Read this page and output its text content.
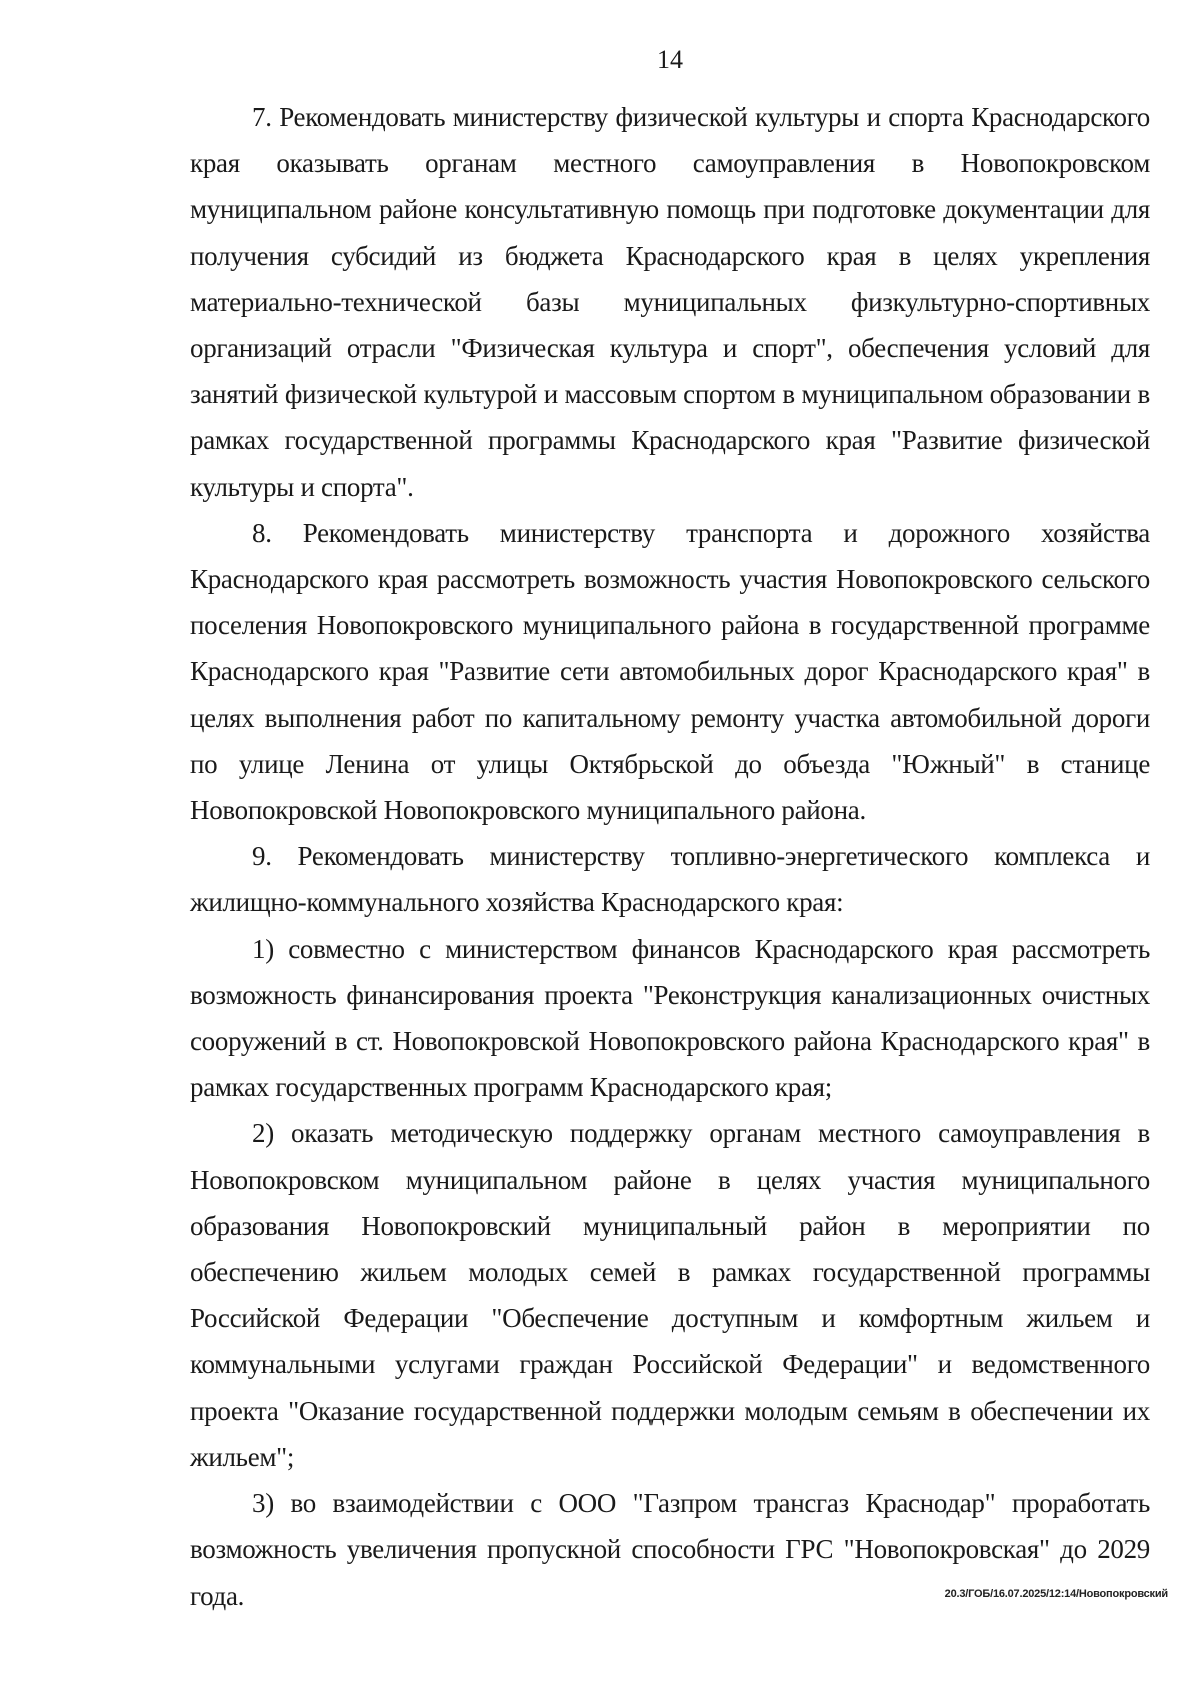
14

7. Рекомендовать министерству физической культуры и спорта Краснодарского края оказывать органам местного самоуправления в Новопокровском муниципальном районе консультативную помощь при подготовке документации для получения субсидий из бюджета Краснодарского края в целях укрепления материально-технической базы муниципальных физкультурно-спортивных организаций отрасли "Физическая культура и спорт", обеспечения условий для занятий физической культурой и массовым спортом в муниципальном образовании в рамках государственной программы Краснодарского края "Развитие физической культуры и спорта".

8. Рекомендовать министерству транспорта и дорожного хозяйства Краснодарского края рассмотреть возможность участия Новопокровского сельского поселения Новопокровского муниципального района в государственной программе Краснодарского края "Развитие сети автомобильных дорог Краснодарского края" в целях выполнения работ по капитальному ремонту участка автомобильной дороги по улице Ленина от улицы Октябрьской до объезда "Южный" в станице Новопокровской Новопокровского муниципального района.

9. Рекомендовать министерству топливно-энергетического комплекса и жилищно-коммунального хозяйства Краснодарского края:

1) совместно с министерством финансов Краснодарского края рассмотреть возможность финансирования проекта "Реконструкция канализационных очистных сооружений в ст. Новопокровской Новопокровского района Краснодарского края" в рамках государственных программ Краснодарского края;

2) оказать методическую поддержку органам местного самоуправления в Новопокровском муниципальном районе в целях участия муниципального образования Новопокровский муниципальный район в мероприятии по обеспечению жильем молодых семей в рамках государственной программы Российской Федерации "Обеспечение доступным и комфортным жильем и коммунальными услугами граждан Российской Федерации" и ведомственного проекта "Оказание государственной поддержки молодым семьям в обеспечении их жильем";

3) во взаимодействии с ООО "Газпром трансгаз Краснодар" проработать возможность увеличения пропускной способности ГРС "Новопокровская" до 2029 года.	20.3/ГОБ/16.07.2025/12:14/Новопокровский
